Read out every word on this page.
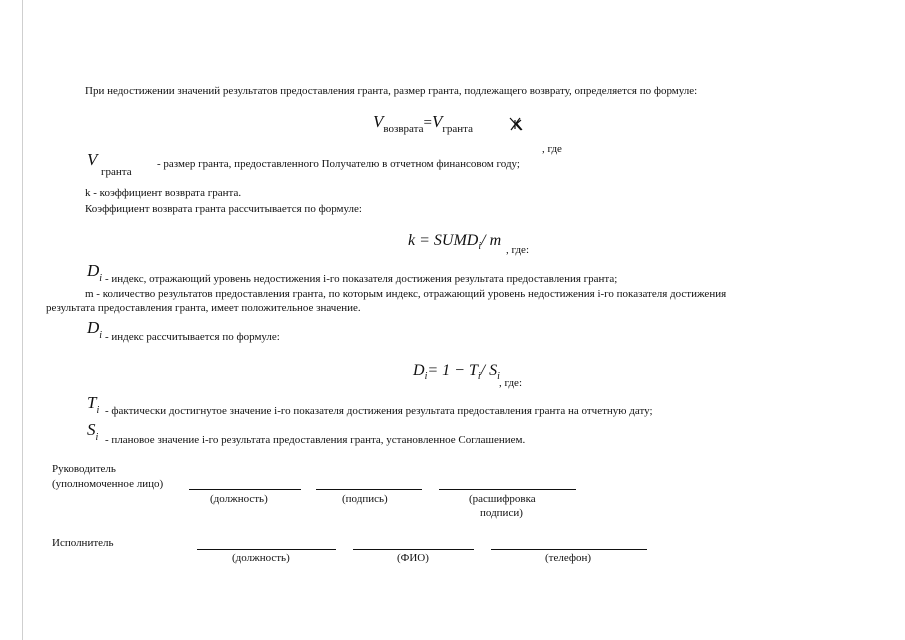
При недостижении значений результатов предоставления гранта, размер гранта, подлежащего возврату, определяется по формуле:
$V_{возврата}=V_{гранта}$
, где
V
гранта
- размер гранта, предоставленного Получателю в отчетном финансовом году;
k - коэффициент возврата гранта.
Коэффициент возврата гранта рассчитывается по формуле:
$k = SUMD_i/$ m
, где:
$D_i$ - индекс, отражающий уровень недостижения i-го показателя достижения результата предоставления гранта;
m - количество результатов предоставления гранта, по которым индекс, отражающий уровень недостижения i-го показателя достижения
результата предоставления гранта, имеет положительное значение.
$D_i$ - индекс рассчитывается по формуле:
$D_i= 1 - T_i/$ $S_i$
, где:
$T_i$ - фактически достигнутое значение i-го показателя достижения результата предоставления гранта на отчетную дату;
$S_i$ - плановое значение i-го результата предоставления гранта, установленное Соглашением.
Руководитель
(уполномоченное лицо)
(должность)	(подпись)	(расшифровка
подписи)
Исполнитель
(должность)	(ФИО)	(телефон)
